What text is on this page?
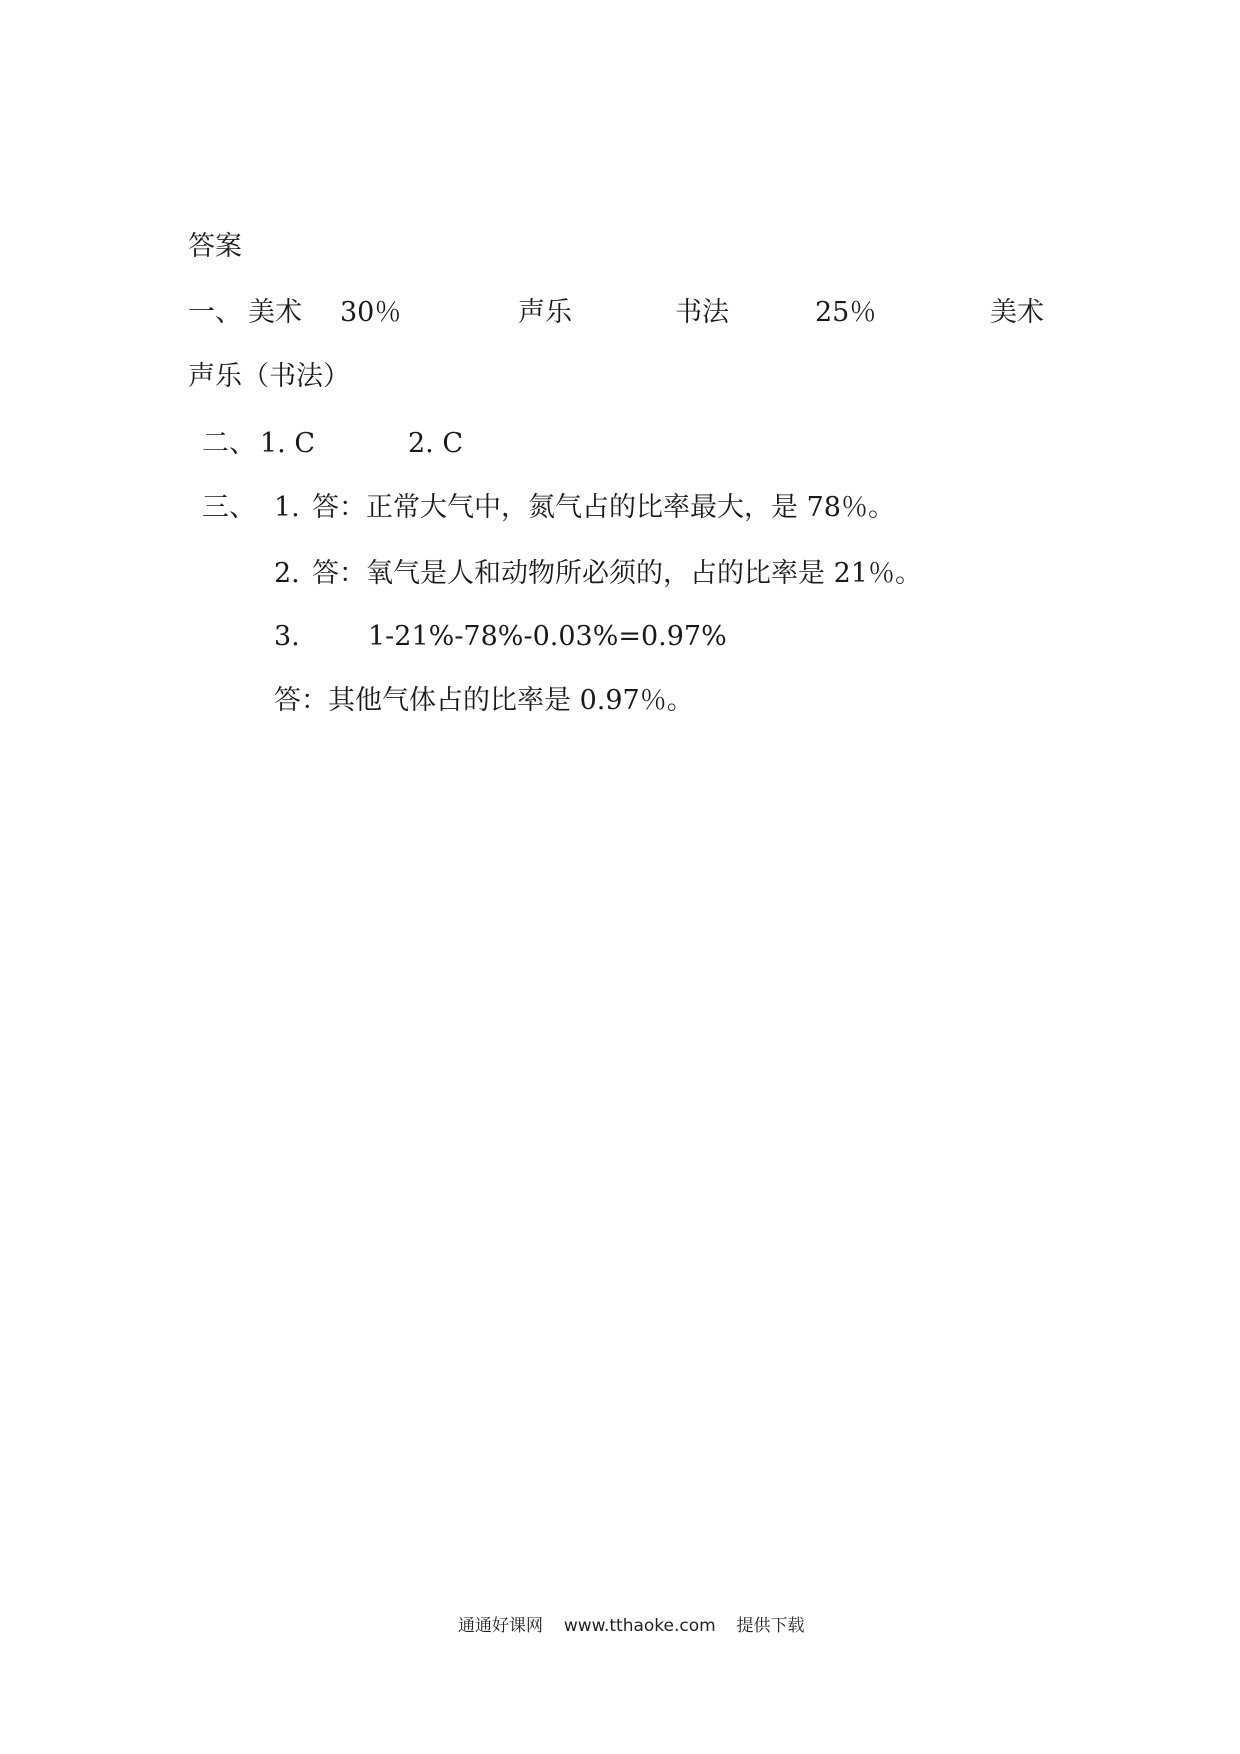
答案
一、 美术 30％	声乐	书法	25％	美术
声乐（书法）
二、 1. C	2. C
三、 1. 答：正常大气中，氮气占的比率最大，是 78％。
2. 答：氧气是人和动物所必须的，占的比率是 21％。
3.	1-21%-78%-0.03%=0.97%
答：其他气体占的比率是 0.97％。
通通好课网 www.tthaoke.com 提供下载
